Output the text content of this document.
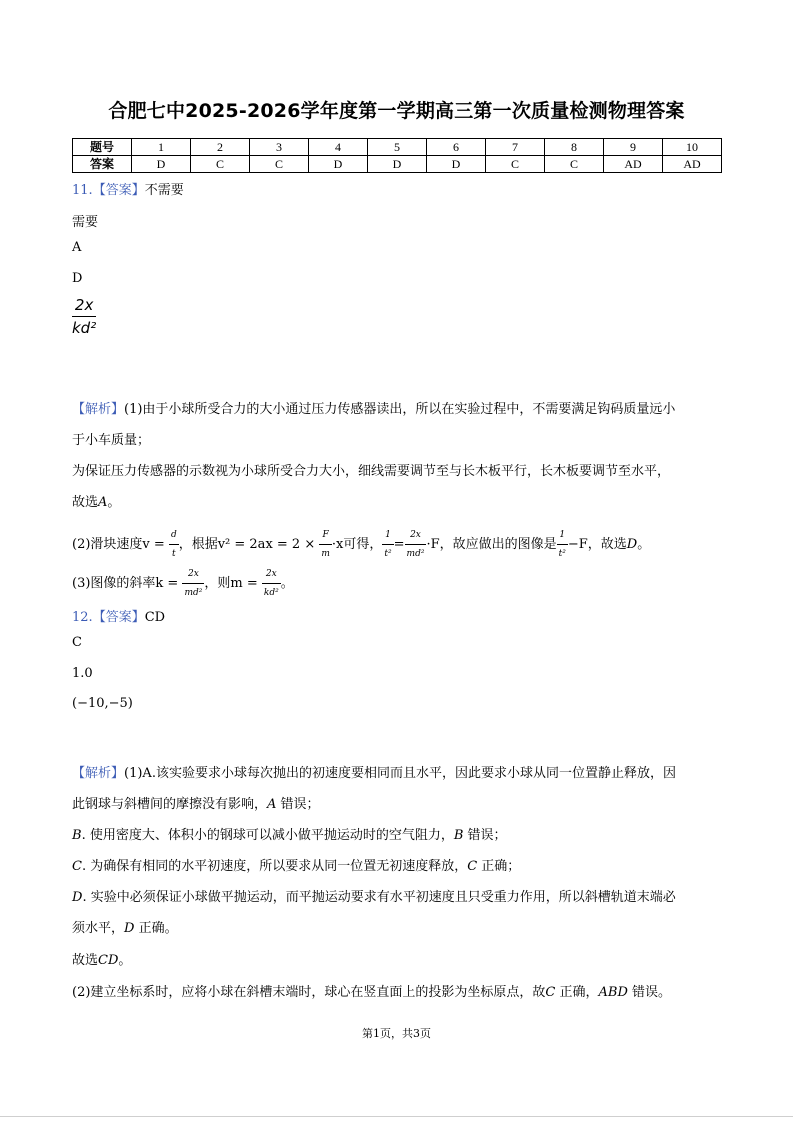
合肥七中2025-2026学年度第一学期高三第一次质量检测物理答案
题号	1	2	3	4	5	6	7	8	9	10
答案	D	C	C	D	D	D	C	C	AD	AD
11.【答案】不需要
需要
A
D
$\frac{2x}{\text{kd²}}$
【解析】(1)由于小球所受合力的大小通过压力传感器读出，所以在实验过程中，不需要满足钩码质量远小
于小车质量；
为保证压力传感器的示数视为小球所受合力大小，细线需要调节至与长木板平行，长木板要调节至水平，
故选A。
(2)滑块速度$v = \frac{d}{t}$ ，根据$v^2 = 2ax = 2 \times \frac{F}{m} \cdot x$可得， $\frac{1}{\text{t²}} = \frac{2x}{\text{md²}} \cdot F$，故应做出的图像是 $\frac{1}{\text{t²}} -F$，故选D。
(3)图像的斜率$k = \frac{2x}{\text{md²}}$ ，则$m = \frac{2x}{\text{kd²}}$ 。
12.【答案】CD
C
1.0
(−10,−5)
【解析】(1)A.该实验要求小球每次抛出的初速度要相同而且水平，因此要求小球从同一位置静止释放，因
此钢球与斜槽间的摩擦没有影响，A 错误；
B. 使用密度大、体积小的钢球可以减小做平抛运动时的空气阻力，B 错误；
C. 为确保有相同的水平初速度，所以要求从同一位置无初速度释放，C 正确；
D. 实验中必须保证小球做平抛运动，而平抛运动要求有水平初速度且只受重力作用，所以斜槽轨道末端必
须水平，D 正确。
故选CD。
(2)建立坐标系时，应将小球在斜槽末端时，球心在竖直面上的投影为坐标原点，故C 正确，ABD 错误。
第1页，共3页
